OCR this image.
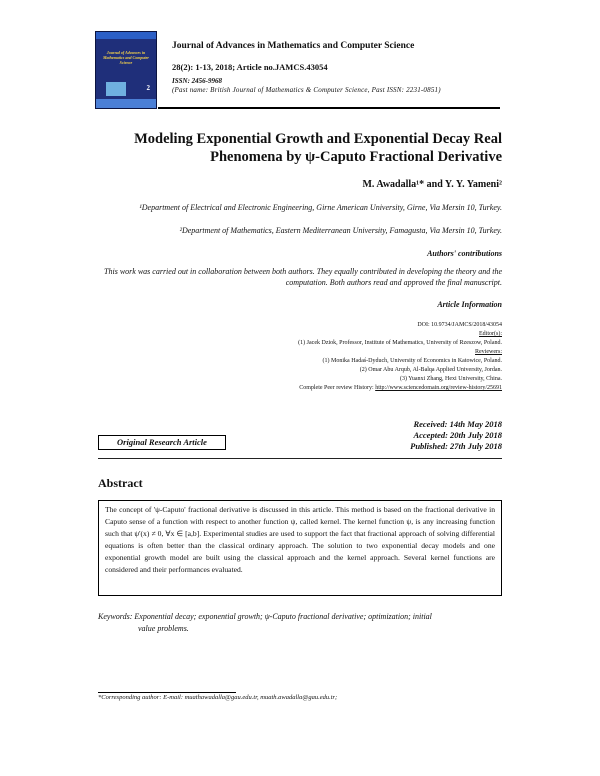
Journal of Advances in Mathematics and Computer Science
2
Journal of Advances in Mathematics and Computer Science
28(2): 1-13, 2018; Article no.JAMCS.43054
ISSN: 2456-9968
(Past name: British Journal of Mathematics & Computer Science, Past ISSN: 2231-0851)
Modeling Exponential Growth and Exponential Decay Real
Phenomena by ψ-Caputo Fractional Derivative
M. Awadalla¹* and Y. Y. Yameni²
¹Department of Electrical and Electronic Engineering, Girne American University, Girne, Via Mersin 10, Turkey.
²Department of Mathematics, Eastern Mediterranean University, Famagusta, Via Mersin 10, Turkey.
Authors' contributions
This work was carried out in collaboration between both authors. They equally contributed in developing the theory and the computation. Both authors read and approved the final manuscript.
Article Information
DOI: 10.9734/JAMCS/2018/43054
Editor(s):
(1) Jacek Dziok, Professor, Institute of Mathematics, University of Rzeszow, Poland.
Reviewers:
(1) Monika Hadaś-Dyduch, University of Economics in Katowice, Poland.
(2) Omar Abu Arqub, Al-Balqa Applied University, Jordan.
(3) Yuanxi Zhang, Hexi University, China.
Complete Peer review History: http://www.sciencedomain.org/review-history/25691
Received: 14th May 2018
Accepted: 20th July 2018
Published: 27th July 2018
Original Research Article
Abstract
The concept of 'ψ-Caputo' fractional derivative is discussed in this article. This method is based on the fractional derivative in Caputo sense of a function with respect to another function ψ, called kernel. The kernel function ψ, is any increasing function such that ψ'(x) ≠ 0, ∀x ∈ [a,b]. Experimental studies are used to support the fact that fractional approach of solving differential equations is often better than the classical ordinary approach. The solution to two exponential decay models and one exponential growth model are built using the classical approach and the kernel approach. Several kernel functions are considered and their performances evaluated.
Keywords: Exponential decay; exponential growth; ψ-Caputo fractional derivative; optimization; initial
value problems.
*Corresponding author: E-mail: muathawadalla@gau.edu.tr, muath.awadalla@gau.edu.tr;
